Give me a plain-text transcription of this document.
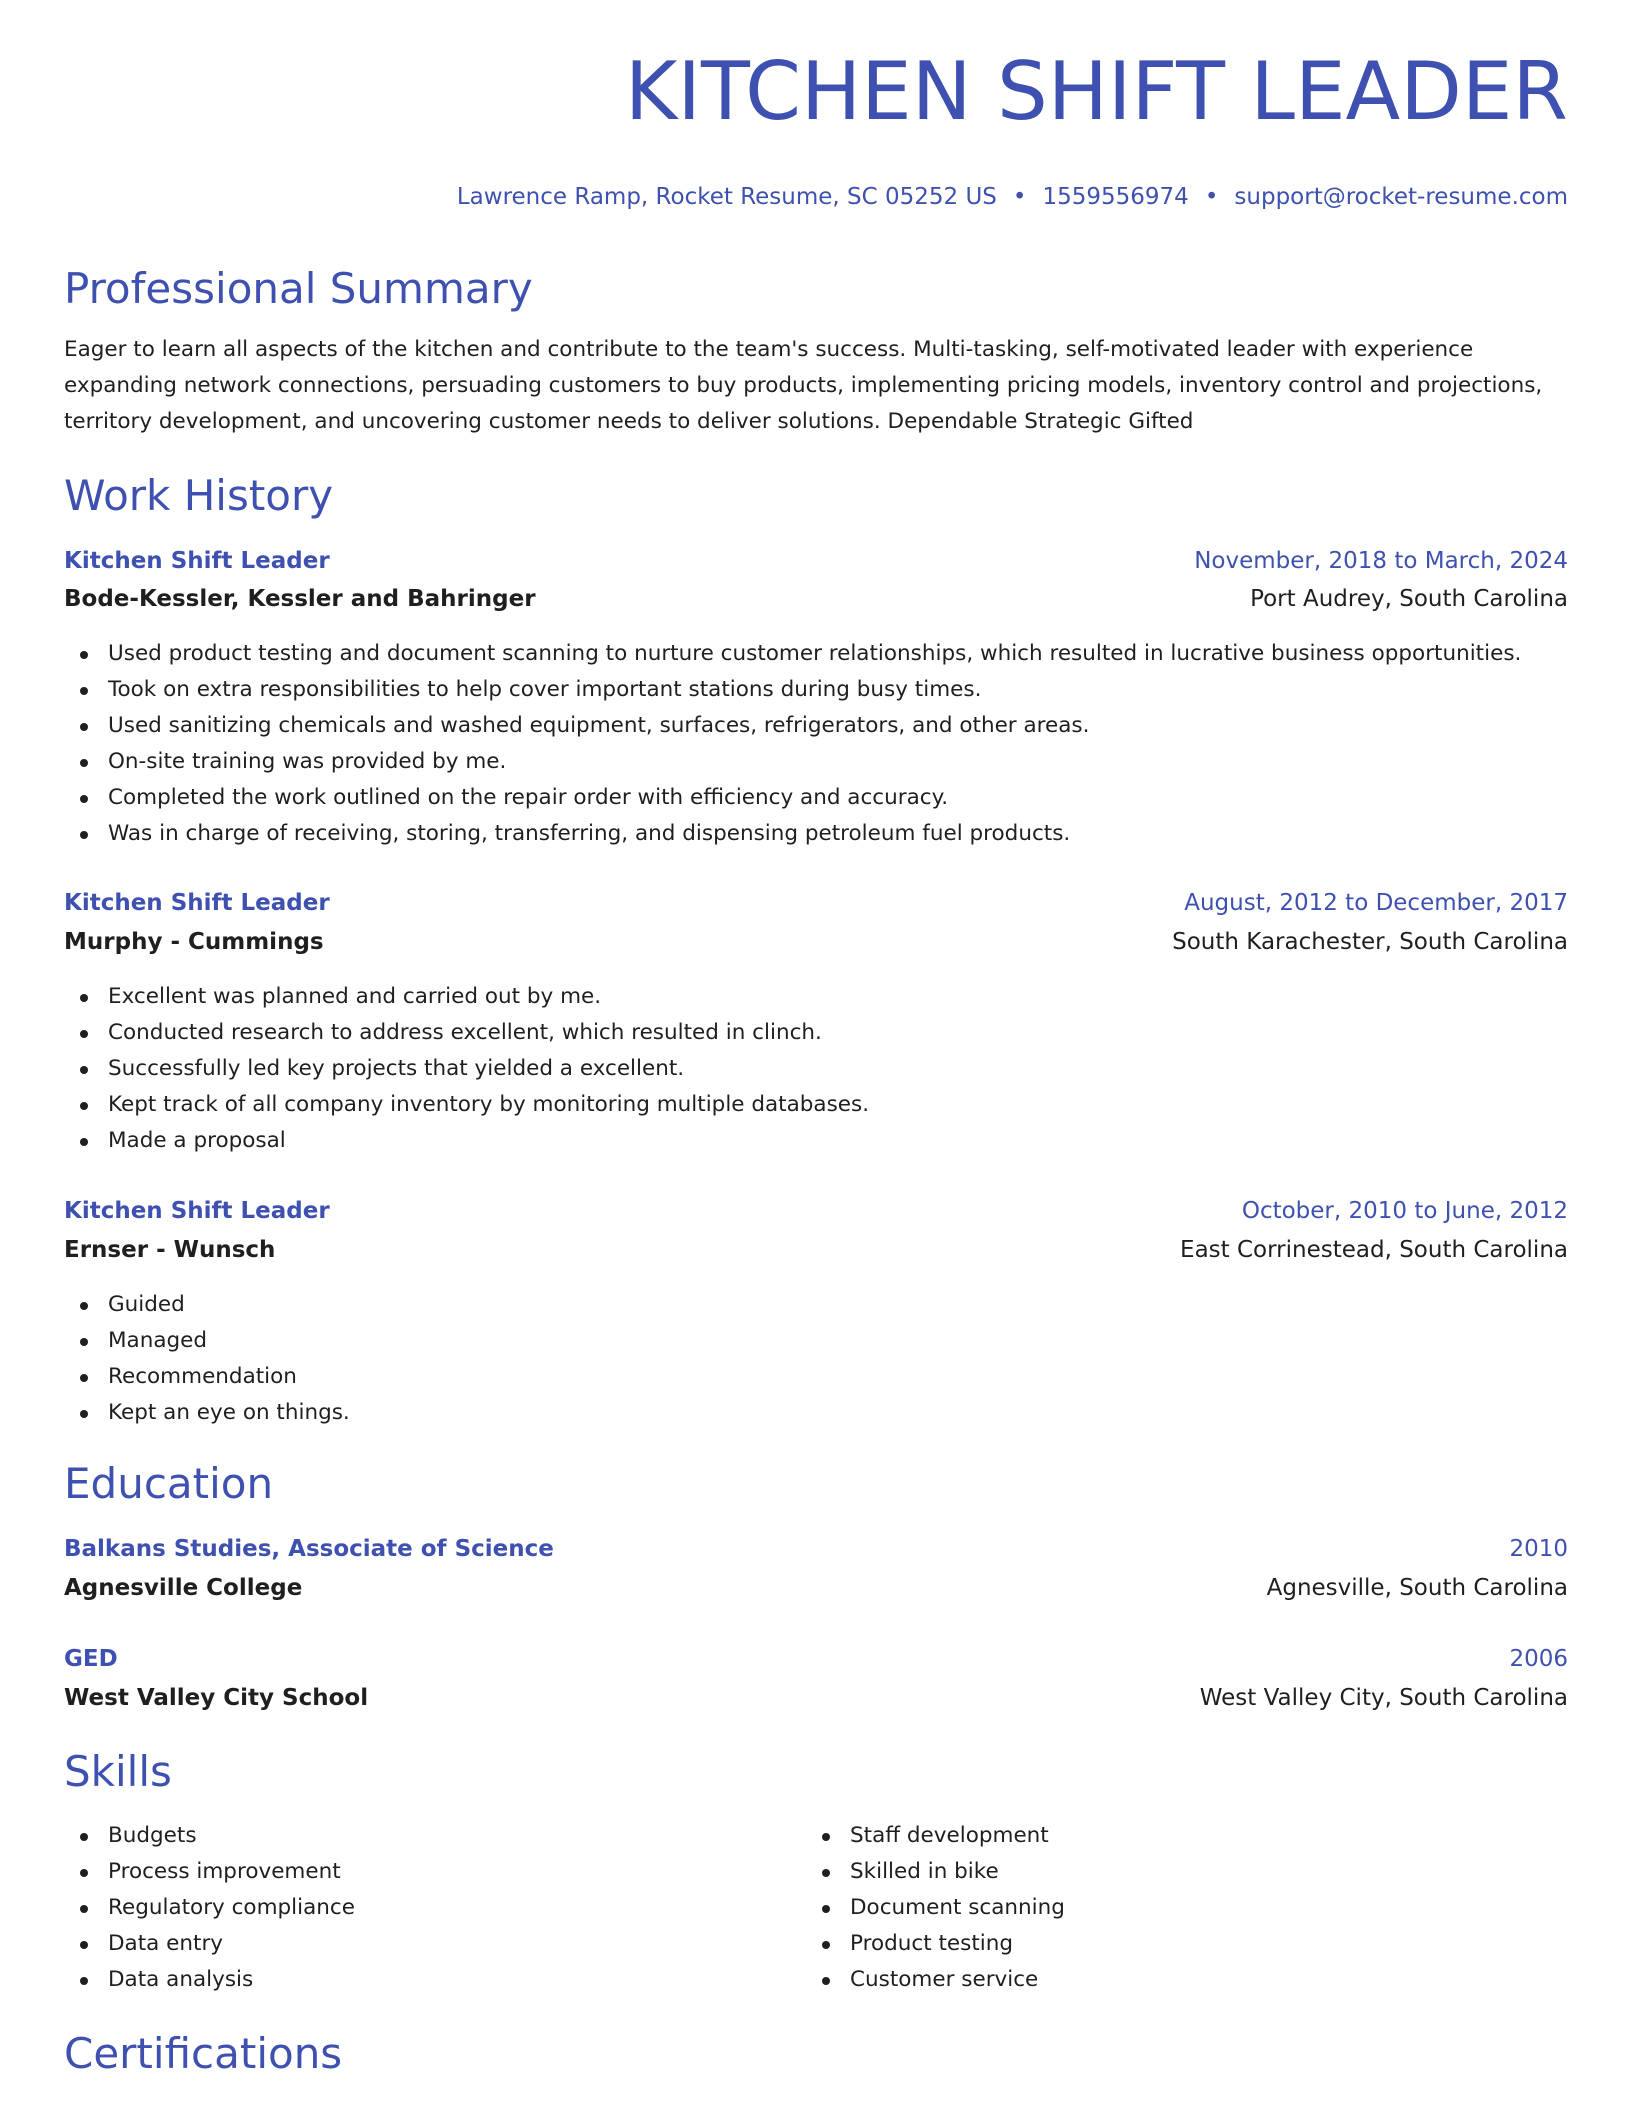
KITCHEN SHIFT LEADER
Lawrence Ramp, Rocket Resume, SC 05252 US • 1559556974 • support@rocket-resume.com
Professional Summary
Eager to learn all aspects of the kitchen and contribute to the team's success. Multi-tasking, self-motivated leader with experience expanding network connections, persuading customers to buy products, implementing pricing models, inventory control and projections, territory development, and uncovering customer needs to deliver solutions. Dependable Strategic Gifted
Work History
Kitchen Shift Leader	November, 2018 to March, 2024
Bode-Kessler, Kessler and Bahringer	Port Audrey, South Carolina
Used product testing and document scanning to nurture customer relationships, which resulted in lucrative business opportunities.
Took on extra responsibilities to help cover important stations during busy times.
Used sanitizing chemicals and washed equipment, surfaces, refrigerators, and other areas.
On-site training was provided by me.
Completed the work outlined on the repair order with efficiency and accuracy.
Was in charge of receiving, storing, transferring, and dispensing petroleum fuel products.
Kitchen Shift Leader	August, 2012 to December, 2017
Murphy - Cummings	South Karachester, South Carolina
Excellent was planned and carried out by me.
Conducted research to address excellent, which resulted in clinch.
Successfully led key projects that yielded a excellent.
Kept track of all company inventory by monitoring multiple databases.
Made a proposal
Kitchen Shift Leader	October, 2010 to June, 2012
Ernser - Wunsch	East Corrinestead, South Carolina
Guided
Managed
Recommendation
Kept an eye on things.
Education
Balkans Studies, Associate of Science	2010
Agnesville College	Agnesville, South Carolina
GED	2006
West Valley City School	West Valley City, South Carolina
Skills
Budgets
Process improvement
Regulatory compliance
Data entry
Data analysis
Staff development
Skilled in bike
Document scanning
Product testing
Customer service
Certifications
